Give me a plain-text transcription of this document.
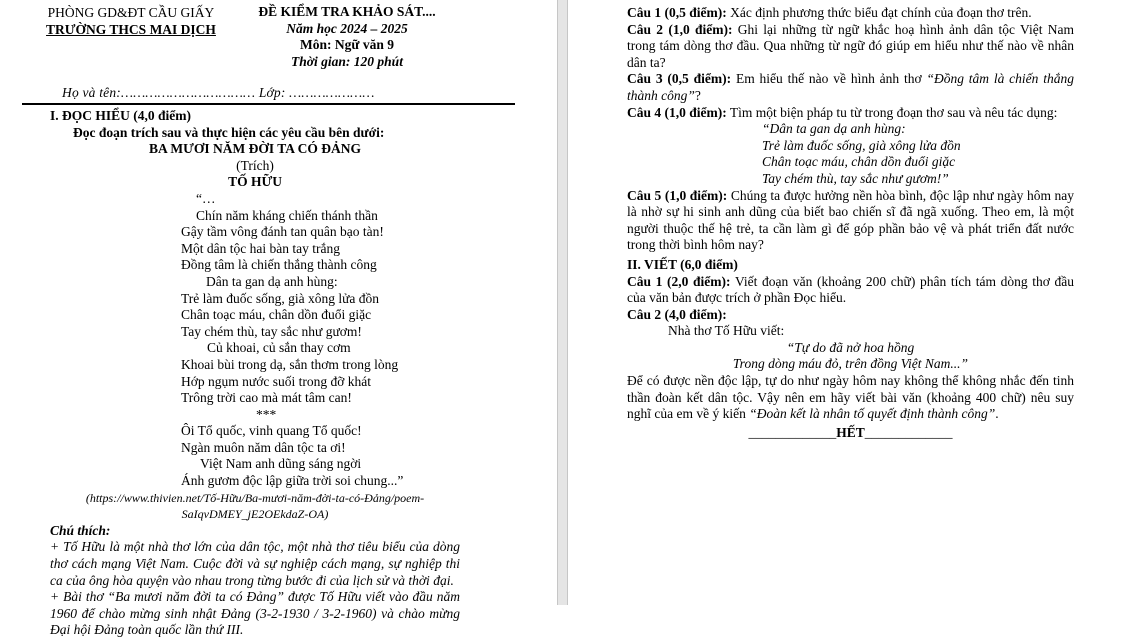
PHÒNG GD&ĐT CẦU GIẤY
TRƯỜNG THCS MAI DỊCH
ĐỀ KIỂM TRA KHẢO SÁT....
Năm học 2024 – 2025
Môn: Ngữ văn 9
Thời gian: 120 phút
Họ và tên:…………………………… Lớp: …………………
I. ĐỌC HIỂU (4,0 điểm)
Đọc đoạn trích sau và thực hiện các yêu cầu bên dưới:
BA MƯƠI NĂM ĐỜI TA CÓ ĐẢNG
(Trích)
TỐ HỮU
“…
Chín năm kháng chiến thánh thần
Gậy tầm vông đánh tan quân bạo tàn!
Một dân tộc hai bàn tay trắng
Đồng tâm là chiến thắng thành công
Dân ta gan dạ anh hùng:
Trẻ làm đuốc sống, già xông lửa đồn
Chân toạc máu, chân dồn đuổi giặc
Tay chém thù, tay sắc như gươm!
Củ khoai, củ sắn thay cơm
Khoai bùi trong dạ, sắn thơm trong lòng
Hớp ngụm nước suối trong đỡ khát
Trông trời cao mà mát tâm can!
***
Ôi Tổ quốc, vinh quang Tổ quốc!
Ngàn muôn năm dân tộc ta ơi!
Việt Nam anh dũng sáng ngời
Ánh gươm độc lập giữa trời soi chung...”
(https://www.thivien.net/Tố-Hữu/Ba-mươi-năm-đời-ta-có-Đảng/poem-SaIqvDMEY_jE2OEkdaZ-OA)
Chú thích:
+ Tố Hữu là một nhà thơ lớn của dân tộc, một nhà thơ tiêu biểu của dòng thơ cách mạng Việt Nam. Cuộc đời và sự nghiệp cách mạng, sự nghiệp thi ca của ông hòa quyện vào nhau trong từng bước đi của lịch sử và thời đại.
+ Bài thơ “Ba mươi năm đời ta có Đảng” được Tố Hữu viết vào đầu năm 1960 để chào mừng sinh nhật Đảng (3-2-1930 / 3-2-1960) và chào mừng Đại hội Đảng toàn quốc lần thứ III.

Câu 1 (0,5 điểm): Xác định phương thức biểu đạt chính của đoạn thơ trên.

Câu 2 (1,0 điểm): Ghi lại những từ ngữ khắc hoạ hình ảnh dân tộc Việt Nam trong tám dòng thơ đầu. Qua những từ ngữ đó giúp em hiểu như thế nào về nhân dân ta?

Câu 3 (0,5 điểm): Em hiểu thế nào về hình ảnh thơ “Đồng tâm là chiến thắng thành công”?

Câu 4 (1,0 điểm): Tìm một biện pháp tu từ trong đoạn thơ sau và nêu tác dụng:

“Dân ta gan dạ anh hùng:
Trẻ làm đuốc sống, già xông lửa đồn
Chân toạc máu, chân dồn đuổi giặc
Tay chém thù, tay sắc như gươm!”

Câu 5 (1,0 điểm): Chúng ta được hưởng nền hòa bình, độc lập như ngày hôm nay là nhờ sự hi sinh anh dũng của biết bao chiến sĩ đã ngã xuống. Theo em, là một người thuộc thế hệ trẻ, ta cần làm gì để góp phần bảo vệ và phát triển đất nước trong thời bình hôm nay?

II. VIẾT (6,0 điểm)

Câu 1 (2,0 điểm): Viết đoạn văn (khoảng 200 chữ) phân tích tám dòng thơ đầu của văn bản được trích ở phần Đọc hiểu.

Câu 2 (4,0 điểm):
Nhà thơ Tố Hữu viết:
“Tự do đã nở hoa hồng
Trong dòng máu đỏ, trên đồng Việt Nam...”

Để có được nền độc lập, tự do như ngày hôm nay không thể không nhắc đến tinh thần đoàn kết dân tộc. Vậy nên em hãy viết bài văn (khoảng 400 chữ) nêu suy nghĩ của em về ý kiến “Đoàn kết là nhân tố quyết định thành công”.

_____________HẾT_____________
